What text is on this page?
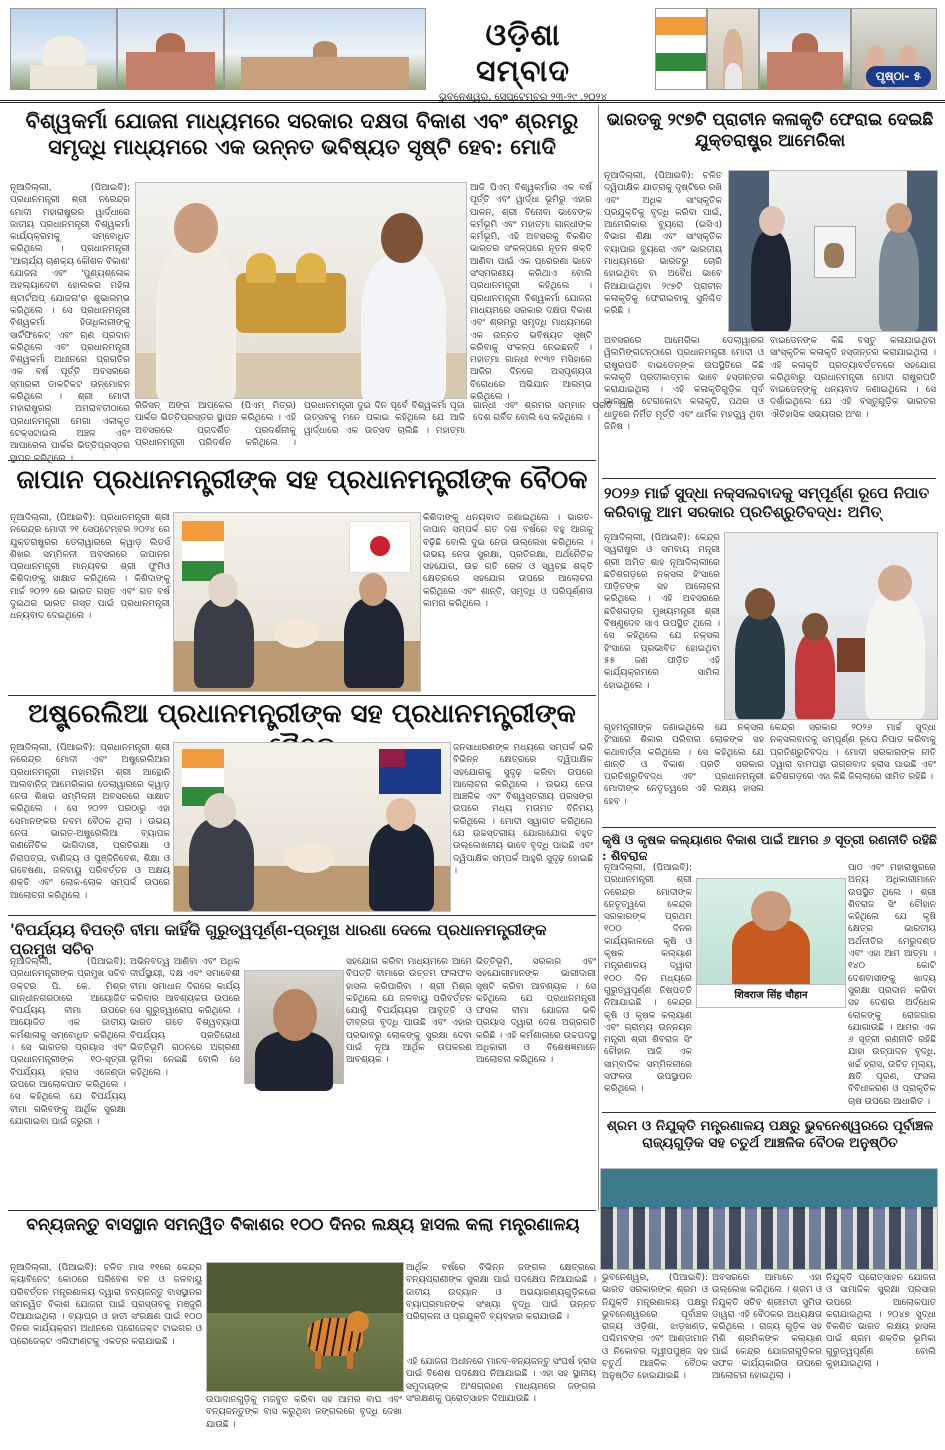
ଓଡ଼ିଶା ସମ୍ବାଦ
ଭୁବନେଶ୍ୱର, ସେପ୍ଟେମ୍ବର ୨୩-୨୯ ,୨୦୨୪
ପୃଷ୍ଠା- ୫
ବିଶ୍ୱକର୍ମା ଯୋଜନା ମାଧ୍ୟମରେ ସରକାର ଦକ୍ଷତା ବିକାଶ ଏବଂ ଶ୍ରମରୁ ସମୃଦ୍ଧି ମାଧ୍ୟମରେ ଏକ ଉନ୍ନତ ଭବିଷ୍ୟତ ସୃଷ୍ଟି ହେବ: ମୋଦି
ନୂଆଦିଲ୍ଲୀ, (ପିଆଇବି): ପ୍ରଧାନମନ୍ତ୍ରୀ ଶ୍ରୀ ନରେନ୍ଦ୍ର ମୋଦୀ ମହାରାଷ୍ଟ୍ରର ୱାର୍ଦ୍ଧାରେ ଜାତୀୟ ପ୍ରଧାନମନ୍ତ୍ରୀ ବିଶ୍ୱକର୍ମା କାର୍ଯ୍ୟକ୍ରମକୁ ସମ୍ବୋଧିତ କରିଥିଲେ । ପ୍ରଧାନମନ୍ତ୍ରୀ 'ଆଚାର୍ଯ୍ୟ ଚାଣକ୍ୟ କୌଶଳ ବିକାଶ' ଯୋଜନା ଏବଂ 'ପୁଣ୍ୟଶ୍ଳୋକ ଅହଲ୍ୟାଦେବୀ ହୋଲକର ମହିଳା ଷ୍ଟାର୍ଟଅପ୍ ଯୋଜନା'ର ଶୁଭାରମ୍ଭ କରିଥିଲେ । ସେ ପ୍ରଧାନମନ୍ତ୍ରୀ ବିଶ୍ୱକର୍ମା ହିତାଧିକାରୀଙ୍କୁ ସାର୍ଟିଫିକେଟ୍ ଏବଂ ଋଣ ପ୍ରଦାନ କରିଥିଲେ ଏବଂ ପ୍ରଧାନମନ୍ତ୍ରୀ ବିଶ୍ୱକର୍ମା ଅଧୀନରେ ପ୍ରଗତିର ଏକ ବର୍ଷ ପୂର୍ତ୍ତି ଅବସରରେ ସ୍ମାରକୀ ଡାକଟିକଟ ଉନ୍ମୋଚନ କରିଥିଲେ । ଶ୍ରୀ ମୋଦୀ ମହାରାଷ୍ଟ୍ରର ଅମରାବତୀଠାରେ ପ୍ରଧାନମନ୍ତ୍ରୀ ମେଗା ଏକୀକୃତ ଟେକ୍ସଟାଇଲ ଅଞ୍ଚଳ ଏବଂ ଆପାରେଲ ପାର୍କର ଭିତ୍ତିପ୍ରସ୍ତର ସ୍ଥାପନ କରିଥିଲେ ।
ରିଜିସନ୍ ଅଙ୍ଗ ଆପ୍‌କେଲ (ପିଏମ୍ ମିତ୍ର) ପାର୍କର ଭିତ୍ତିପ୍ରସ୍ତର ସ୍ଥାପନ କରିଥିଲେ । ଏହି ଅବସରରେ ପ୍ରଦର୍ଶିତ ପ୍ରଦର୍ଶନୀକୁ ପ୍ରଧାନମନ୍ତ୍ରୀ ପରିଦର୍ଶନ କରିଥିଲେ । ପ୍ରଧାନମନ୍ତ୍ରୀ ଦୁଇ ଦିନ ପୂର୍ବେ ବିଶ୍ୱକର୍ମା ପୂଜା ଉତ୍ସବକୁ ମନେ ପକାଇ କହିଥିଲେ ଯେ ଆଜି ୱାର୍ଦ୍ଧାରେ ଏକ ଉତ୍ସବ ଚାଲିଛି । ମହାତ୍ମା ଗାନ୍ଧୀ ଏବଂ ଶ୍ରମର ସମ୍ମାନ ପ୍ରତି ଆଜି ଦେଶ ଗର୍ବିତ ବୋଲି ସେ କହିଥିଲେ ।
ଆଜି ପିଏମ୍ ବିଶ୍ୱକର୍ମାର ଏକ ବର୍ଷ ପୂର୍ତ୍ତି ଏବଂ ୱାର୍ଦ୍ଧା ଭୂମିରୁ ଏହାର ପାଳନ, ଶ୍ରୀ ବିନୋବା ଭାବେଙ୍କ କର୍ମଭୂମି ଏବଂ ମହାତ୍ମା ଗାନ୍ଧୀଙ୍କ କର୍ମଭୂମି, ଏହି ଅବସରକୁ ବିକଶିତ ଭାରତର ସଂକଳ୍ପରେ ନୂତନ ଶକ୍ତି ଆଣିବା ପାଇଁ ଏକ ପ୍ରେରଣା ଭାବେ ସଂସ୍ମରଣୀୟ କରିଥାଏ ବୋଲି ପ୍ରଧାନମନ୍ତ୍ରୀ କହିଥିଲେ । ପ୍ରଧାନମନ୍ତ୍ରୀ ବିଶ୍ୱକର୍ମା ଯୋଜନା ମାଧ୍ୟମରେ ସରକାର ଦକ୍ଷତା ବିକାଶ ଏବଂ ଶ୍ରମରୁ ସମୃଦ୍ଧି ମାଧ୍ୟମରେ ଏକ ଉନ୍ନତ ଭବିଷ୍ୟତ ସୃଷ୍ଟି କରିବାକୁ ସଂକଳ୍ପ ନେଇଛନ୍ତି । ମହାତ୍ମା ଗାନ୍ଧୀ ୧୯୩୨ ମସିହାରେ ଆଜିର ଦିନରେ ଅସ୍ପୃଶ୍ୟତା ବିରୋଧରେ ଅଭିଯାନ ଆରମ୍ଭ କରିଥିଲେ ।
ଭାରତକୁ ୨୯୭ଟି ପ୍ରାଚୀନ କଳାକୃତି ଫେରାଇ ଦେଇଛି ଯୁକ୍ତରାଷ୍ଟ୍ର ଆମେରିକା
ନୂଆଦିଲ୍ଲୀ, (ପିଆଇବି): ଚଳିତ ଦ୍ୱିପାକ୍ଷିକ ଯାତ୍ରାକୁ ଦୃଷ୍ଟିରେ ରଖି ଏବଂ ଅଧିକ ସାଂସ୍କୃତିକ ପ୍ରଯୁକ୍ତିକୁ ବୃଦ୍ଧି କରିବା ପାଇଁ, ଆମେରିକାର ବ୍ୟୁରୋ (ଇସିଏ) ବିଭାଗ ଶିକ୍ଷା ଏବଂ ସାଂସ୍କୃତିକ ବ୍ୟାପାର ବ୍ୟୁରୋ ଏବଂ ଭାରତୀୟ ମାଧ୍ୟମରେ ଭାରତରୁ ଚୋରି ହୋଇଥିବା ବା ଅବୈଧ ଭାବେ ନିଆଯାଇଥିବା ୨୯୭ଟି ପ୍ରାଚୀନ କଳାକୃତିକୁ ଫେରାଇବାକୁ ସୁନିଶ୍ଚିତ କରିଛି ।
ଅବସରରେ ଆମେରିକା ଡେଲାୱାରର ୱିଲମିଙ୍ଗଟନ୍‌ଠାରେ ପ୍ରଧାନମନ୍ତ୍ରୀ ମୋଦୀ ଓ ରାଷ୍ଟ୍ରପତି ବାଇଡେନ୍‌ଙ୍କ ଉପସ୍ଥିତିରେ କିଛି କଳାକୃତି ପ୍ରତୀକାତ୍ମକ ଭାବେ ହସ୍ତାନ୍ତର କରାଯାଇଥିଲା । ଏହି କଳାକୃତିଗୁଡ଼ିକ ପୂର୍ବ ଭାରତର ଟେରାକୋଟା କଳାକୃତି, ପଥର ଓ ଧାତୁରେ ନିର୍ମିତ ମୂର୍ତ୍ତି ଏବଂ ଧାର୍ମିକ ମହତ୍ତ୍ୱ ଥିବା ଜିନିଷ ।
ବାଇଡେନଙ୍କ କିଛି ବସ୍ତୁ କଳାଯାଇଥିବା ସାଂସ୍କୃତିକ କଳାକୃତି ହସ୍ତାନ୍ତର କରାଯାଇଥିଲା । ଏହି କଳାକୃତି ପ୍ରତ୍ୟାବର୍ତ୍ତନରେ ସହଯୋଗ କରିଥିବାରୁ ପ୍ରଧାନମନ୍ତ୍ରୀ ମୋଦୀ ରାଷ୍ଟ୍ରପତି ବାଇଡେନ୍‌ଙ୍କୁ ଧନ୍ୟବାଦ ଜଣାଇଥିଲେ । ସେ ଦର୍ଶାଇଥିଲେ ଯେ ଏହି ବସ୍ତୁଗୁଡ଼ିକ ଭାରତର ଐତିହାସିକ ସଭ୍ୟତାର ଅଂଶ ।
ଜାପାନ ପ୍ରଧାନମନ୍ତ୍ରୀଙ୍କ ସହ ପ୍ରଧାନମନ୍ତ୍ରୀଙ୍କ ବୈଠକ
ନୂଆଦିଲ୍ଲୀ, (ପିଆଇବି): ପ୍ରଧାନମନ୍ତ୍ରୀ ଶ୍ରୀ ନରେନ୍ଦ୍ର ମୋଦୀ ୨୧ ସେପ୍ଟେମ୍ବର ୨୦୨୪ ରେ ଯୁକ୍ତରାଷ୍ଟ୍ରର ଡେଲାୱାରରେ କ୍ୱାଡ଼ ଲିଡର୍ସ ଶିଖର ସମ୍ମିଳନୀ ଅବସରରେ ଜାପାନର ପ୍ରଧାନମନ୍ତ୍ରୀ ମାନ୍ୟବର ଶ୍ରୀ ଫୁମିଓ କିଶିଦାଙ୍କୁ ସାକ୍ଷାତ କରିଥିଲେ । କିଶିଦାଙ୍କୁ ମାର୍ଚ୍ଚ ୨୦୨୨ ରେ ଭାରତ ଗସ୍ତ ଏବଂ ଗତ ବର୍ଷ ଦୁଇଥର ଭାରତ ଗସ୍ତ ପାଇଁ ପ୍ରଧାନମନ୍ତ୍ରୀ ଧନ୍ୟବାଦ ଦେଇଥିଲେ ।
କିଶିଦାଙ୍କୁ ଧନ୍ୟବାଦ ଜଣାଇଥିଲେ । ଭାରତ-ଜାପାନ ସମ୍ପର୍କ ଗତ ଦଶ ବର୍ଷରେ ବହୁ ଆଗକୁ ବଢ଼ିଛି ବୋଲି ଦୁଇ ନେତା ଉଲ୍ଲେଖ କରିଥିଲେ । ଉଭୟ ନେତା ସୁରକ୍ଷା, ପ୍ରତିରକ୍ଷା, ଅର୍ଥନୈତିକ ସହଯୋଗ, ଉଚ୍ଚ ଗତି ରେଳ ଓ ସ୍ୱଚ୍ଛ ଶକ୍ତି କ୍ଷେତ୍ରରେ ସହଯୋଗ ଉପରେ ଆଲୋଚନା କରିଥିଲେ ଏବଂ ଶାନ୍ତି, ସମୃଦ୍ଧି ଓ ପରିପୂର୍ଣ୍ଣତା କାମନା କରିଥିଲେ ।
୨୦୨୬ ମାର୍ଚ୍ଚ ସୁଦ୍ଧା ନକ୍ସଲବାଦକୁ ସମ୍ପୂର୍ଣ୍ଣ ରୂପେ ନିପାତ କରିବାକୁ ଆମ ସରକାର ପ୍ରତିଶ୍ରୁତିବଦ୍ଧ: ଅମିତ୍
ନୂଆଦିଲ୍ଲୀ, (ପିଆଇବି): କେନ୍ଦ୍ର ସ୍ୱରାଷ୍ଟ୍ର ଓ ସମବାୟ ମନ୍ତ୍ରୀ ଶ୍ରୀ ଅମିତ ଶାହ ନୂଆଦିଲ୍ଲୀରେ ଛତିଶଗଡ଼ରେ ନକ୍ସଲ ହିଂସାରେ ପୀଡ଼ିତଙ୍କ ସହ ଆଲୋଚନା କରିଥିଲେ । ଏହି ଅବସରରେ ଛତିଶଗଡ଼ର ମୁଖ୍ୟମନ୍ତ୍ରୀ ଶ୍ରୀ ବିଷ୍ଣୁଦେବ ସାଏ ଉପସ୍ଥିତ ଥିଲେ । ସେ କହିଥିଲେ ଯେ ନକ୍ସଲ ହିଂସାରେ ପ୍ରଭାବିତ ହୋଇଥିବା ୫୫ ଜଣ ପୀଡ଼ିତ ଏହି କାର୍ଯ୍ୟକ୍ରମରେ ସାମିଲ ହୋଇଥିଲେ ।
ଗୃହମନ୍ତ୍ରୀଙ୍କ ଜଣାଇଥିଲେ ଯେ ନକ୍ସଲ ହିଂସାରେ ଶିକାର ପରିବାର ଲୋକଙ୍କ ସହ କଥାବାର୍ତ୍ତା କରିଥିଲେ । ସେ କହିଥିଲେ ଯେ ଶାନ୍ତି ଓ ବିକାଶ ପ୍ରତି ସରକାର ପ୍ରତିଶ୍ରୁତିବଦ୍ଧ ଏବଂ ପ୍ରଧାନମନ୍ତ୍ରୀ ମୋଦୀଙ୍କ ନେତୃତ୍ୱରେ ଏହି ଲକ୍ଷ୍ୟ ହାସଲ ହେବ ।
କେନ୍ଦ୍ର ସରକାର ୨୦୨୬ ମାର୍ଚ୍ଚ ସୁଦ୍ଧା ନକ୍ସଲବାଦକୁ ସମ୍ପୂର୍ଣ୍ଣ ରୂପେ ନିପାତ କରିବାକୁ ପ୍ରତିଶ୍ରୁତିବଦ୍ଧ । ମୋଦୀ ସରକାରଙ୍କ ନୀତି ଦ୍ୱାରା ବାମପନ୍ଥୀ ଉଗ୍ରବାଦ ହ୍ରାସ ପାଇଛି ଏବଂ ଛତିଶଗଡ଼ରେ ଏହା କିଛି ଜିଲ୍ଲାରେ ସୀମିତ ରହିଛି ।
ଅଷ୍ଟ୍ରେଲିଆ ପ୍ରଧାନମନ୍ତ୍ରୀଙ୍କ ସହ ପ୍ରଧାନମନ୍ତ୍ରୀଙ୍କ
ନୂଆଦିଲ୍ଲୀ, (ପିଆଇବି): ପ୍ରଧାନମନ୍ତ୍ରୀ ଶ୍ରୀ ନରେନ୍ଦ୍ର ମୋଦୀ ଏବଂ ଅଷ୍ଟ୍ରେଲିଆର ପ୍ରଧାନମନ୍ତ୍ରୀ ମହାମହିମ ଶ୍ରୀ ଆନ୍ଥୋନି ଆଲବାନିଜ୍ ଆମେରିକାର ଡେଲାୱାରରେ କ୍ୱାଡ଼ ନେତା ଶିଖର ସମ୍ମିଳନୀ ଅବସରରେ ସାକ୍ଷାତ କରିଥିଲେ । ସେ ୨୦୨୨ ପରଠାରୁ ଏହା ସେମାନଙ୍କର ନବମ ବୈଠକ ଥିଲା । ଉଭୟ ନେତା ଭାରତ-ଅଷ୍ଟ୍ରେଲିଆ ବ୍ୟାପକ ରଣନୈତିକ ଭାଗିଦାରୀ, ପ୍ରତିରକ୍ଷା ଓ ନିରାପତ୍ତା, ବାଣିଜ୍ୟ ଓ ପୁଞ୍ଜିନିବେଶ, ଶିକ୍ଷା ଓ ଗବେଷଣା, ଜଳବାୟୁ ପରିବର୍ତ୍ତନ ଓ ଅକ୍ଷୟ ଶକ୍ତି ଏବଂ ଲୋକ-ଲୋକ ସମ୍ପର୍କ ଉପରେ ଆଲୋଚନା କରିଥିଲେ ।
ଜନସାଧାରଣଙ୍କ ମଧ୍ୟରେ ସମ୍ପର୍କ ଭଳି ବିଭିନ୍ନ କ୍ଷେତ୍ରରେ ଦ୍ୱିପାକ୍ଷିକ ସହଯୋଗକୁ ସୁଦୃଢ଼ କରିବା ଉପରେ ଆଲୋଚନା କରିଥିଲେ । ଉଭୟ ନେତା ଆଞ୍ଚଳିକ ଏବଂ ବିଶ୍ୱସ୍ତରୀୟ ପ୍ରସଙ୍ଗ ଉପରେ ମଧ୍ୟ ମତାମତ ବିନିମୟ କରିଥିଲେ । ମୋଦୀ ସ୍ୱାଗତ କରିଥିଲେ ଯେ ଉଚ୍ଚସ୍ତରୀୟ ଯୋଗାଯୋଗ ବହୁତ ଉଲ୍ଲେଖନୀୟ ଭାବେ ବୃଦ୍ଧି ପାଇଛି ଏବଂ ଦ୍ୱିପାକ୍ଷିକ ସମ୍ପର୍କ ଆହୁରି ସୁଦୃଢ଼ ହୋଇଛି ।
କୃଷି ଓ କୃଷକ କଲ୍ୟାଣର ବିକାଶ ପାଇଁ ଆମର ୬ ସୂତ୍ରୀ ରଣନୀତି ରହିଛି : ଶିବରାଜ
ନୂଆଦିଲ୍ଲୀ, (ପିଆଇବି): ପ୍ରଧାନମନ୍ତ୍ରୀ ଶ୍ରୀ ନରେନ୍ଦ୍ର ମୋଦୀଙ୍କ ନେତୃତ୍ୱରେ କେନ୍ଦ୍ର ସରକାରଙ୍କ ପ୍ରଥମ ୧୦୦ ଦିନର କାର୍ଯ୍ୟକାଳରେ କୃଷି ଓ କୃଷକ କଲ୍ୟାଣ ମନ୍ତ୍ରଣାଳୟ ଦ୍ୱାରା ୧୦୦ ଦିନ ମଧ୍ୟରେ ଗୁରୁତ୍ୱପୂର୍ଣ୍ଣ ନିଷ୍ପତ୍ତି ନିଆଯାଇଛି । କେନ୍ଦ୍ର କୃଷି ଓ କୃଷକ କଲ୍ୟାଣ ଏବଂ ଗ୍ରାମ୍ୟ ଉନ୍ନୟନ ମନ୍ତ୍ରୀ ଶ୍ରୀ ଶିବରାଜ ସିଂ ଚୌହାନ ଆଜି ଏକ ସାମ୍ବାଦିକ ସମ୍ମିଳନୀରେ ସଫଳତା ଉପସ୍ଥାପନ କରିଥିଲେ ।
शिवराज सिंह चौहान
ପାଠ ଏବଂ ମହାରାଷ୍ଟ୍ରରେ ଅନ୍ୟ ଅଧିକାରୀମାନେ ଉପସ୍ଥିତ ଥିଲେ । ଶ୍ରୀ ଶିବରାଜ ସିଂ ଚୌହାନ କହିଥିଲେ ଯେ କୃଷି କ୍ଷେତ୍ର ଭାରତୀୟ ଅର୍ଥନୀତିର ମେରୁଦଣ୍ଡ ଏବଂ ଏହା ଆମ ଆତ୍ମା । ୧୪୦ କୋଟି ଦେଶବାସୀଙ୍କୁ ଖାଦ୍ୟ ସୁରକ୍ଷା ପ୍ରଦାନ କରିବା ସହ ଦେଶର ଅର୍ଦ୍ଧେକ ଲୋକଙ୍କୁ ରୋଜଗାର ଯୋଗାଉଛି । ଆମର ଏକ ୬ ସୂତ୍ରୀ ରଣନୀତି ରହିଛି ଯାହା ଉତ୍ପାଦନ ବୃଦ୍ଧି, ଖର୍ଚ୍ଚ ହ୍ରାସ, ଉଚିତ ମୂଲ୍ୟ, କ୍ଷତି ପୂରଣ, ଫସଲ ବିବିଧୀକରଣ ଓ ପ୍ରାକୃତିକ ଚାଷ ଉପରେ ଆଧାରିତ ।
'ବିପର୍ଯ୍ୟୟ ବିପତ୍ତି ବୀମା କାହିଁକି ଗୁରୁତ୍ୱପୂର୍ଣ୍ଣ-ପ୍ରମୁଖ ଧାରଣା ଦେଲେ ପ୍ରଧାନମନ୍ତ୍ରୀଙ୍କ ପ୍ରମୁଖ ସଚିବ
ନୂଆଦିଲ୍ଲୀ, (ପିଆଇବି): ପ୍ରଧାନମନ୍ତ୍ରୀଙ୍କ ପ୍ରମୁଖ ସଚିବ ଡକ୍ଟର ପି. କେ. ମିଶ୍ର ଗାନ୍ଧୀନଗରଠାରେ ଆୟୋଜିତ ବିପର୍ଯ୍ୟୟ ବୀମା ଉପରେ ଆୟୋଜିତ ଏକ ଜାତୀୟ କର୍ମଶାଳାକୁ ସମ୍ବୋଧିତ କରିଥିଲେ । ସେ ଭାରତର ପ୍ରୟାସ ଏବଂ ପ୍ରଧାନମନ୍ତ୍ରୀଙ୍କ ୧୦-ସୂତ୍ରୀ ବିପର୍ଯ୍ୟୟ ହ୍ରାସ ଏଜେଣ୍ଡା ଉପରେ ଆଲୋକପାତ କରିଥିଲେ । ସେ କହିଥିଲେ ଯେ ବିପର୍ଯ୍ୟୟ ବୀମା ଗରିବଙ୍କୁ ଆର୍ଥିକ ସୁରକ୍ଷା ଯୋଗାଇବା ପାଇଁ ଜରୁରୀ ।
ଅଭିନବତ୍ୱ ଆଣିବା ଏବଂ ଅଧିକ ଦୀର୍ଘସ୍ଥାୟୀ, ଦକ୍ଷ ଏବଂ ସମାବେଶୀ ବୀମା ସମାଧାନ ଦିଗରେ କାର୍ଯ୍ୟ କରିବାର ଆବଶ୍ୟକତା ଉପରେ ସେ ଗୁରୁତ୍ୱାରୋପ କରିଥିଲେ । ଭାରତ ଗତେ ବିଶ୍ୱବ୍ୟାପୀ ବିପର୍ଯ୍ୟୟ ପ୍ରତିରୋଧୀ ଭିତ୍ତିଭୂମି ଗଠନରେ ଅଗ୍ରଣୀ ଭୂମିକା ନେଇଛି ବୋଲି ସେ କହିଥିଲେ ।
ସହଯୋଗ କରିବା ମାଧ୍ୟମରେ ଆମେ ବିପତ୍ତି ବୀମାରେ ଉତ୍ତମ ଫଳାଫଳ ହାସଲ କରିପାରିବା । ଶ୍ରୀ ମିଶ୍ର କହିଥିଲେ ଯେ ଜଳବାୟୁ ପରିବର୍ତ୍ତନ ଯୋଗୁଁ ବିପର୍ଯ୍ୟୟର ଆବୃତ୍ତି ଓ ତୀବ୍ରତା ବୃଦ୍ଧି ପାଉଛି ଏବଂ ଏହାର ପ୍ରଭାବରୁ ଲୋକଙ୍କୁ ସୁରକ୍ଷା ଦେବା ପାଇଁ ନୂଆ ଆର୍ଥିକ ଉପକରଣ ଆବଶ୍ୟକ ।
ଭିତ୍ତିଭୂମି, ସରକାର ଏବଂ ସହଯୋଗୀମାନଙ୍କ ଭାଗୀଦାରୀ ସୃଷ୍ଟି କରିବା ଆବଶ୍ୟକ । ସେ କହିଥିଲେ ଯେ ପ୍ରଧାନମନ୍ତ୍ରୀ ଫସଲ ବୀମା ଯୋଜନା ଭଳି ପ୍ରୟାସ ଦ୍ୱାରା ଦେଶ ଅଗ୍ରଗତି କରିଛି । ଏହି କର୍ମଶାଳାରେ ଉଚ୍ଚପଦସ୍ଥ ଅଧିକାରୀ ଓ ବିଶେଷଜ୍ଞମାନେ ଆଲୋଚନା କରିଥିଲେ ।
ଶ୍ରମ ଓ ନିଯୁକ୍ତି ମନ୍ତ୍ରଣାଳୟ ପକ୍ଷରୁ ଭୁବନେଶ୍ୱରରେ ପୂର୍ବାଞ୍ଚଳ ରାଜ୍ୟଗୁଡ଼ିକ ସହ ଚତୁର୍ଥ ଆଞ୍ଚଳିକ ବୈଠକ ଅନୁଷ୍ଠିତ
ଭୁବନେଶ୍ୱର, (ପିଆଇବି): ଭାରତ ସରକାରଙ୍କ ଶ୍ରମ ଓ ନିଯୁକ୍ତି ମନ୍ତ୍ରଣାଳୟ ପକ୍ଷରୁ ଭୁବନେଶ୍ୱରରେ ପୂର୍ବାଞ୍ଚଳ ରାଜ୍ୟ ଓଡ଼ିଶା, ଝାଡ଼ଖଣ୍ଡ, ପଶ୍ଚିମବଙ୍ଗ ଏବଂ ଆଣ୍ଡାମାନ ଓ ନିକୋବର ଦ୍ୱୀପପୁଞ୍ଜ ସହ ଚତୁର୍ଥ ଆଞ୍ଚଳିକ ବୈଠକ ଅନୁଷ୍ଠିତ ହୋଇଯାଇଛି ।
ଅବସରରେ ଆମାନେ ଏହା ଉଲ୍ଲେଖ କରିଥିଲେ । ଶ୍ରମ ଓ ନିଯୁକ୍ତି ସଚିବ ଶ୍ରୀମତୀ ସୁମିତା ଡାୱରା ଏହି ବୈଠକର ଅଧ୍ୟକ୍ଷତା କରିଥିଲେ । ରାଜ୍ୟ ଗୁଡ଼ିକ ସହ ମିଶି ଶ୍ରମିକଙ୍କ କଲ୍ୟାଣ ପାଇଁ କେନ୍ଦ୍ର ଯୋଜନାଗୁଡ଼ିକର ସଫଳ କାର୍ଯ୍ୟକାରିତା ଉପରେ ଆଲୋଚନା ହୋଇଥିଲା ।
ନିଯୁକ୍ତି ପ୍ରୋତ୍ସାହନ ଯୋଜନା ଓ ସାମାଜିକ ସୁରକ୍ଷା ପ୍ରସାର ଉପରେ ଆଲୋକପାତ କରାଯାଇଥିଲା । ୨୦୪୭ ସୁଦ୍ଧା ବିକଶିତ ଭାରତ ଲକ୍ଷ୍ୟ ହାସଲ ପାଇଁ ଶ୍ରମ ଶକ୍ତିର ଭୂମିକା ଗୁରୁତ୍ୱପୂର୍ଣ୍ଣ ବୋଲି କୁହାଯାଇଥିଲା ।
ବନ୍ୟଜନ୍ତୁ ବାସସ୍ଥାନ ସମନ୍ୱିତ ବିକାଶର ୧୦୦ ଦିନର ଲକ୍ଷ୍ୟ ହାସଲ କଲା ମନ୍ତ୍ରଣାଳୟ
ନୂଆଦିଲ୍ଲୀ, (ପିଆଇବି): ଚଳିତ ମାସ ୧୧ରେ କେନ୍ଦ୍ର କ୍ୟାବିନେଟ୍ କୋଠରେ ପରିବେଶ ବନ ଓ ଜଳବାୟୁ ପରିବର୍ତ୍ତନ ମନ୍ତ୍ରଣାଳୟ ଦ୍ୱାରା ବନ୍ୟଜନ୍ତୁ ବାସସ୍ଥାନର ସମନ୍ୱିତ ବିକାଶ ଯୋଜନା ପାଇଁ ପ୍ରସ୍ତାବକୁ ମଞ୍ଜୁରି ଦିଆଯାଇଥିଲା । ବ୍ୟାଘ୍ର ଓ ହାତୀ ସଂରକ୍ଷଣ ପାଇଁ ୧୦୦ ଦିନର କାର୍ଯ୍ୟକ୍ରମ ଅଧୀନରେ ପ୍ରୋଜେକ୍ଟ ଟାଇଗର ଓ ପ୍ରୋଜେକ୍ଟ ଏଲିଫାଣ୍ଟକୁ ଏକତ୍ର କରାଯାଇଛି ।
ଉପାଦାନଗୁଡ଼ିକୁ ମଜବୁତ କରିବା ସହ ଆମର ବାଘ ଏବଂ ବନ୍ୟଜନ୍ତୁଙ୍କ ବାସ କରୁଥିବା ଜଙ୍ଗଲରେ ବୃଦ୍ଧି ଦେଖା ଯାଉଛି ।
ଆର୍ଥିକ ବର୍ଷରେ ବିଭିନ୍ନ ଜଙ୍ଗଲ କ୍ଷେତ୍ରରେ ବନ୍ୟପ୍ରାଣୀଙ୍କ ସୁରକ୍ଷା ପାଇଁ ପଦକ୍ଷେପ ନିଆଯାଇଛି । ଜାତୀୟ ଉଦ୍ୟାନ ଓ ଅଭୟାରଣ୍ୟଗୁଡ଼ିକରେ ବ୍ୟାଘ୍ରମାନଙ୍କ ସଂଖ୍ୟା ବୃଦ୍ଧି ପାଇଁ ଉନ୍ନତ ପରିଚାଳନା ଓ ପ୍ରଯୁକ୍ତି ବ୍ୟବହାର କରାଯାଉଛି ।
ଏହି ଯୋଜନା ଅଧୀନରେ ମାନବ-ବନ୍ୟଜନ୍ତୁ ସଂଘର୍ଷ ହ୍ରାସ ପାଇଁ ବିଶେଷ ପଦକ୍ଷେପ ନିଆଯାଇଛି । ଏହା ସହ ସ୍ଥାନୀୟ ସମୁଦାୟଙ୍କ ଅଂଶଗ୍ରହଣ ମାଧ୍ୟମରେ ଜଙ୍ଗଲ ସଂରକ୍ଷଣକୁ ପ୍ରୋତ୍ସାହନ ଦିଆଯାଉଛି ।
